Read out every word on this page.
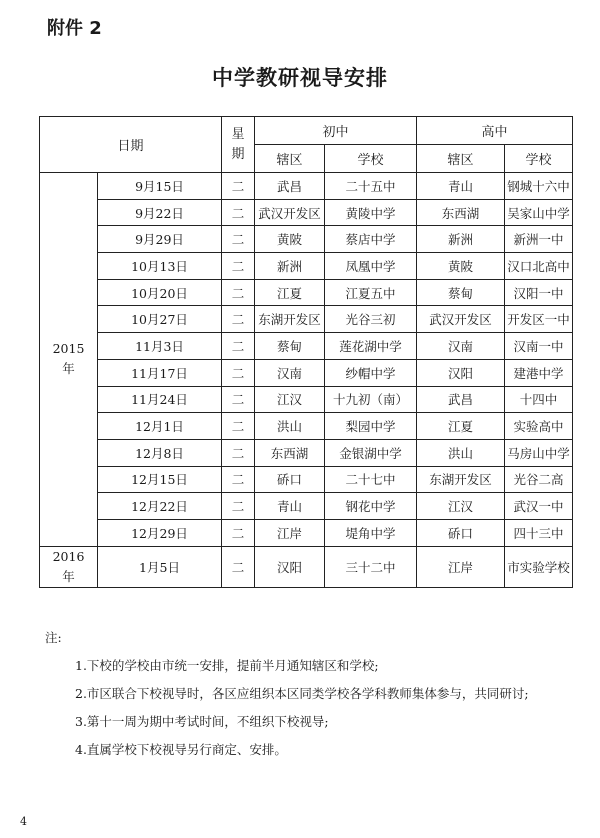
附件 2
中学教研视导安排
日期		星期	初中		高中	
			辖区	学校	辖区	学校

2015
年	9月15日	二	武昌	二十五中	青山	钢城十六中
	9月22日	二	武汉开发区	黄陵中学	东西湖	吴家山中学
	9月29日	二	黄陂	蔡店中学	新洲	新洲一中
	10月13日	二	新洲	凤凰中学	黄陂	汉口北高中
	10月20日	二	江夏	江夏五中	蔡甸	汉阳一中
	10月27日	二	东湖开发区	光谷三初	武汉开发区	开发区一中
	11月3日	二	蔡甸	莲花湖中学	汉南	汉南一中
	11月17日	二	汉南	纱帽中学	汉阳	建港中学
	11月24日	二	江汉	十九初（南）	武昌	十四中
	12月1日	二	洪山	梨园中学	江夏	实验高中
	12月8日	二	东西湖	金银湖中学	洪山	马房山中学
	12月15日	二	硚口	二十七中	东湖开发区	光谷二高
	12月22日	二	青山	钢花中学	江汉	武汉一中
	12月29日	二	江岸	堤角中学	硚口	四十三中

2016
年	1月5日	二	汉阳	三十二中	江岸	市实验学校
注:

1.下校的学校由市统一安排，提前半月通知辖区和学校;

2.市区联合下校视导时，各区应组织本区同类学校各学科教师集体参与，共同研讨;

3.第十一周为期中考试时间，不组织下校视导;

4.直属学校下校视导另行商定、安排。

4
